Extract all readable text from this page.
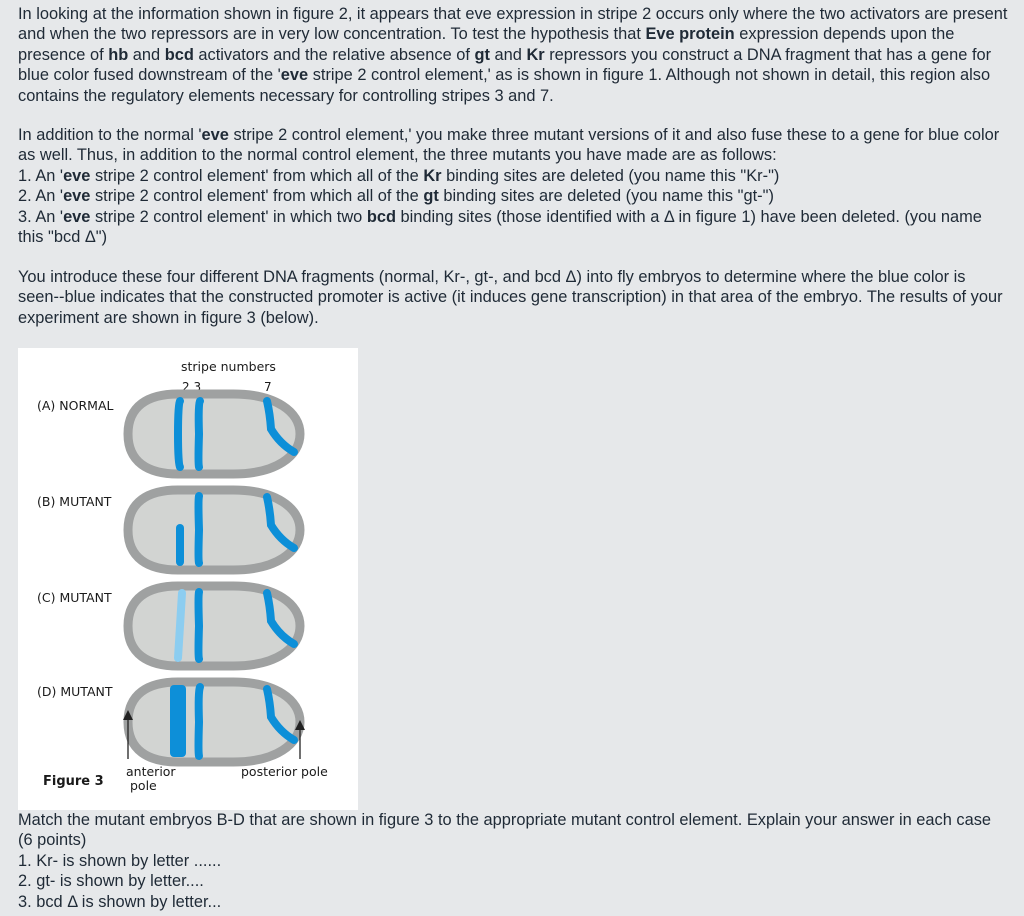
In looking at the information shown in figure 2, it appears that eve expression in stripe 2 occurs only where the two activators are present and when the two repressors are in very low concentration. To test the hypothesis that Eve protein expression depends upon the presence of hb and bcd activators and the relative absence of gt and Kr repressors you construct a DNA fragment that has a gene for blue color fused downstream of the 'eve stripe 2 control element,' as is shown in figure 1. Although not shown in detail, this region also contains the regulatory elements necessary for controlling stripes 3 and 7.

In addition to the normal 'eve stripe 2 control element,' you make three mutant versions of it and also fuse these to a gene for blue color as well. Thus, in addition to the normal control element, the three mutants you have made are as follows:

1. An 'eve stripe 2 control element' from which all of the Kr binding sites are deleted (you name this "Kr-")

2. An 'eve stripe 2 control element' from which all of the gt binding sites are deleted (you name this "gt-")

3. An 'eve stripe 2 control element' in which two bcd binding sites (those identified with a Δ in figure 1) have been deleted. (you name this "bcd Δ")

You introduce these four different DNA fragments (normal, Kr-, gt-, and bcd Δ) into fly embryos to determine where the blue color is seen--blue indicates that the constructed promoter is active (it induces gene transcription) in that area of the embryo. The results of your experiment are shown in figure 3 (below).

stripe numbers
2 3	7
(A) NORMAL
(B) MUTANT
(C) MUTANT
(D) MUTANT
anterior
pole
posterior pole
Figure 3

Match the mutant embryos B-D that are shown in figure 3 to the appropriate mutant control element. Explain your answer in each case (6 points)

1. Kr- is shown by letter ......

2. gt- is shown by letter....

3. bcd Δ is shown by letter...
